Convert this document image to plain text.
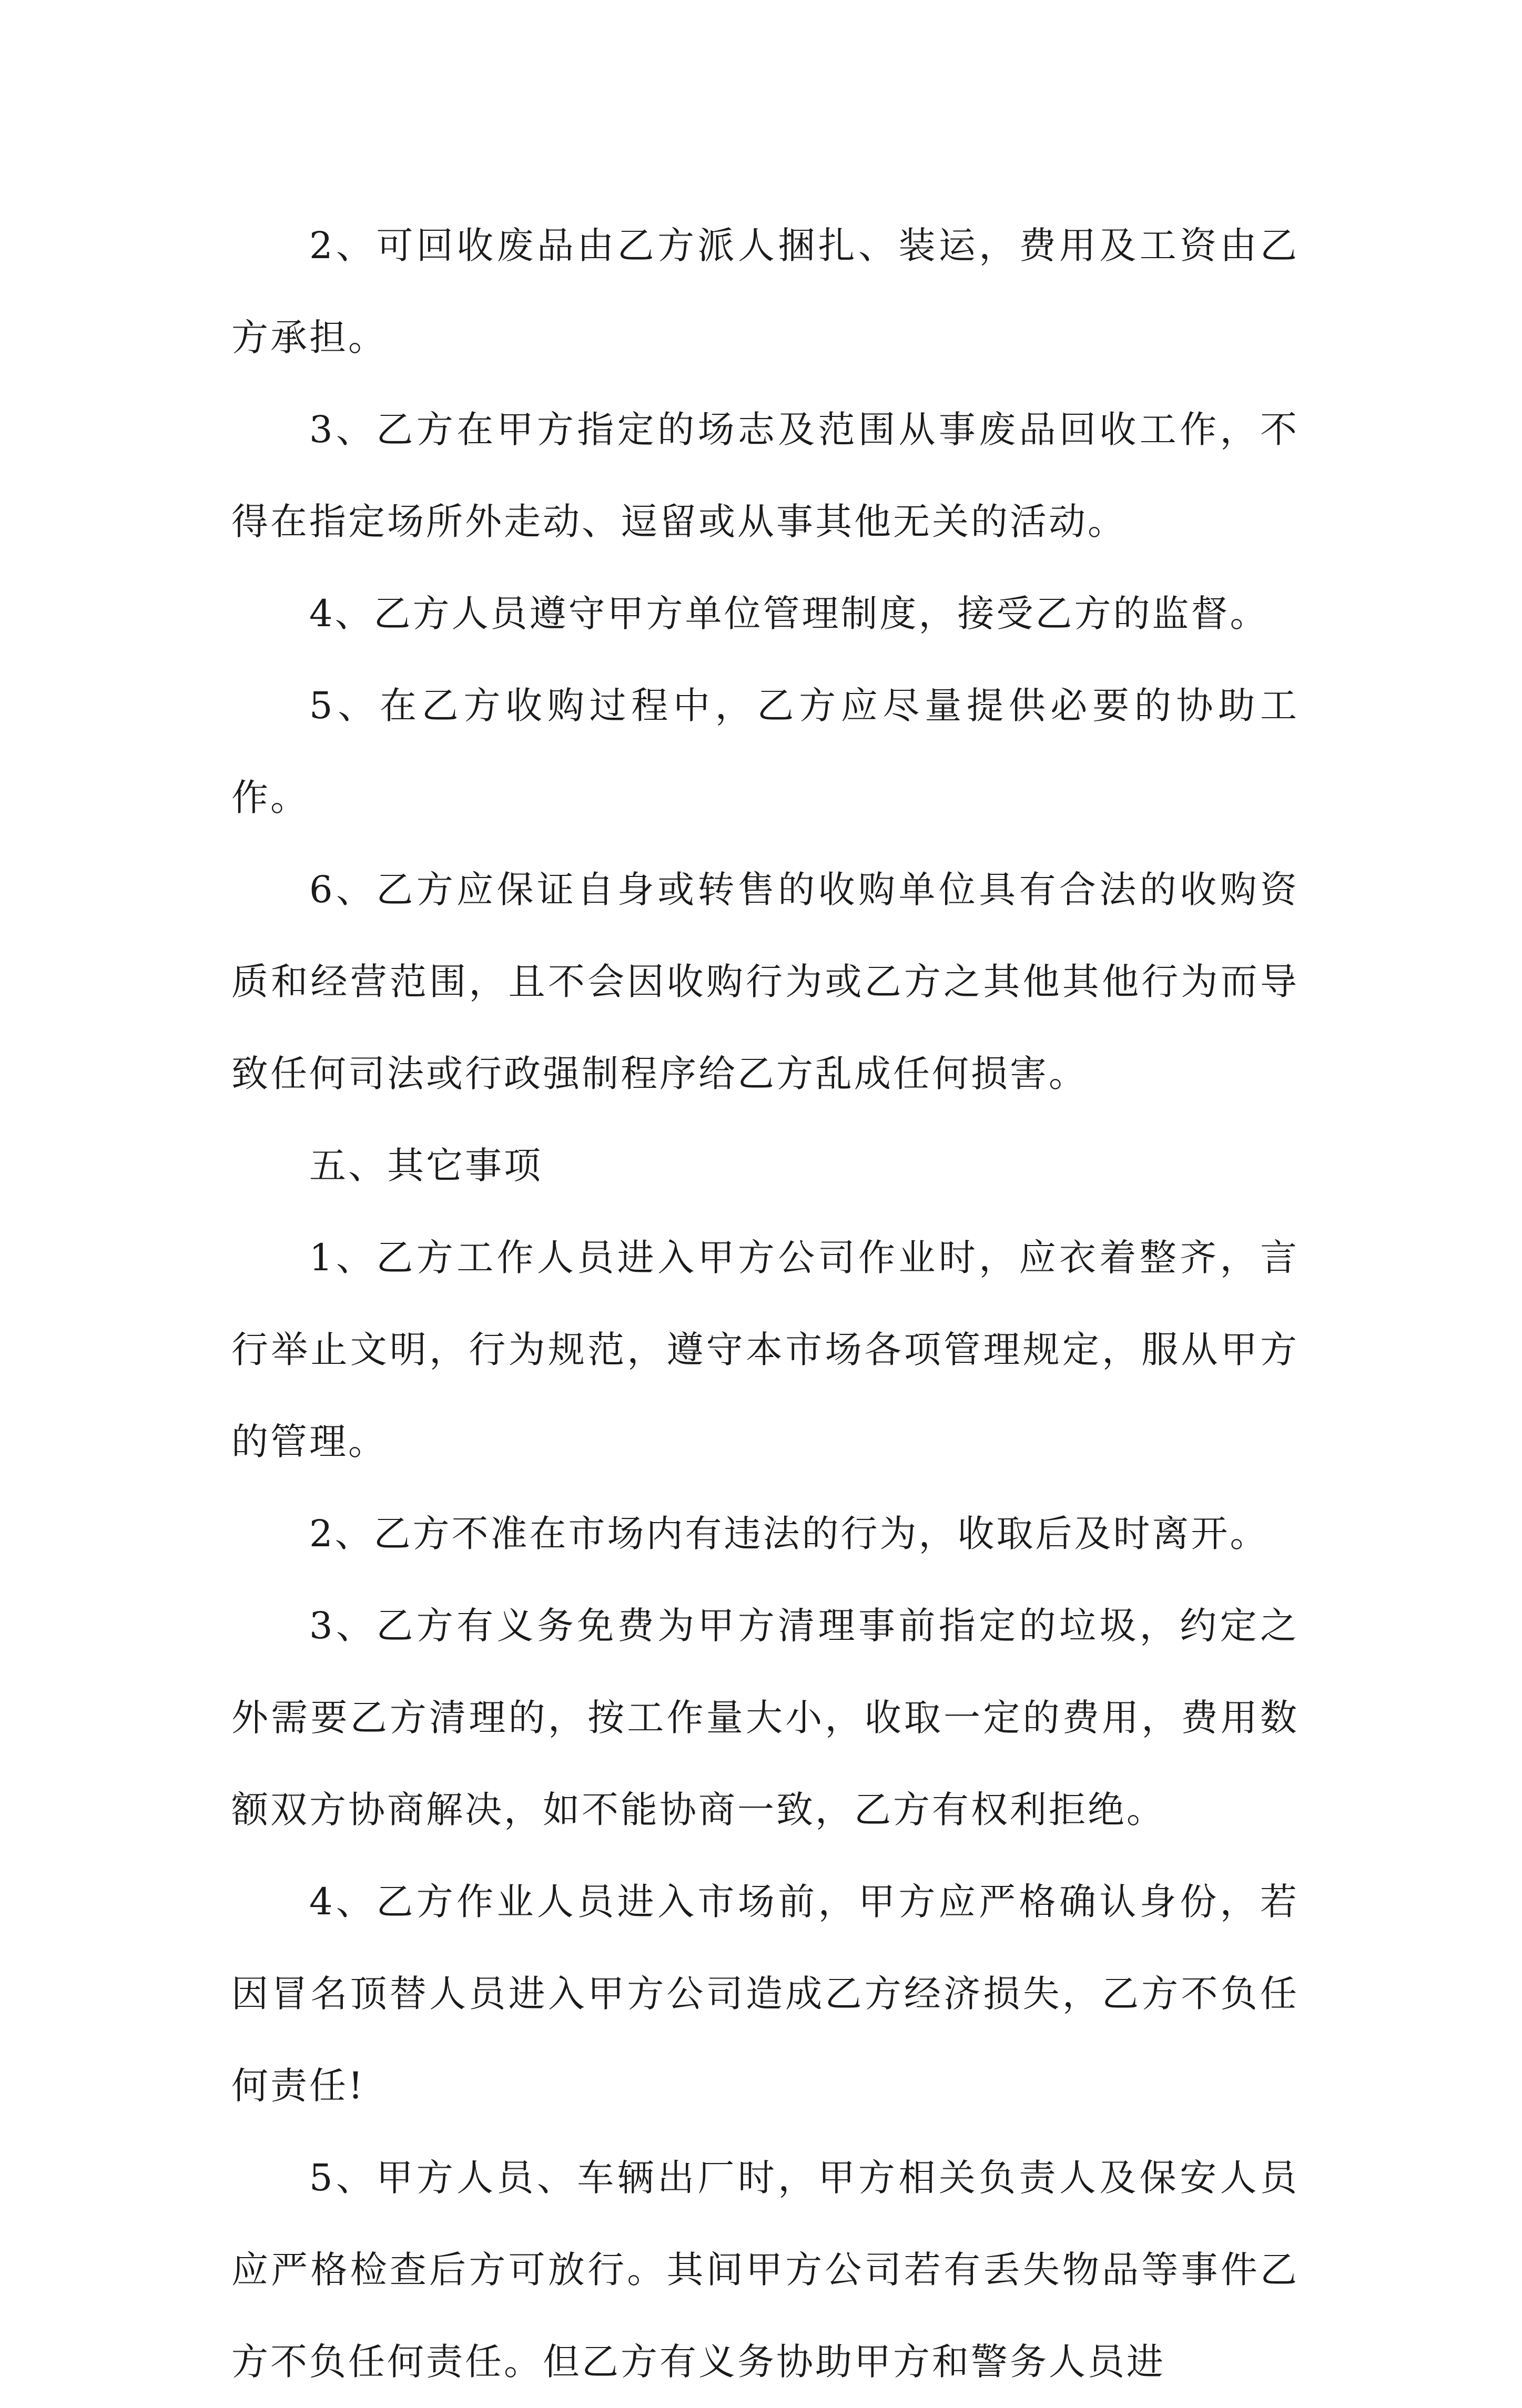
2、可回收废品由乙方派人捆扎、装运，费用及工资由乙方承担。

3、乙方在甲方指定的场志及范围从事废品回收工作，不得在指定场所外走动、逗留或从事其他无关的活动。

4、乙方人员遵守甲方单位管理制度，接受乙方的监督。

5、在乙方收购过程中，乙方应尽量提供必要的协助工作。

6、乙方应保证自身或转售的收购单位具有合法的收购资质和经营范围，且不会因收购行为或乙方之其他其他行为而导致任何司法或行政强制程序给乙方乱成任何损害。

五、其它事项

1、乙方工作人员进入甲方公司作业时，应衣着整齐，言行举止文明，行为规范，遵守本市场各项管理规定，服从甲方的管理。

2、乙方不准在市场内有违法的行为，收取后及时离开。

3、乙方有义务免费为甲方清理事前指定的垃圾，约定之外需要乙方清理的，按工作量大小，收取一定的费用，费用数额双方协商解决，如不能协商一致，乙方有权利拒绝。

4、乙方作业人员进入市场前，甲方应严格确认身份，若因冒名顶替人员进入甲方公司造成乙方经济损失，乙方不负任何责任!

5、甲方人员、车辆出厂时，甲方相关负责人及保安人员应严格检查后方可放行。其间甲方公司若有丢失物品等事件乙方不负任何责任。但乙方有义务协助甲方和警务人员进
